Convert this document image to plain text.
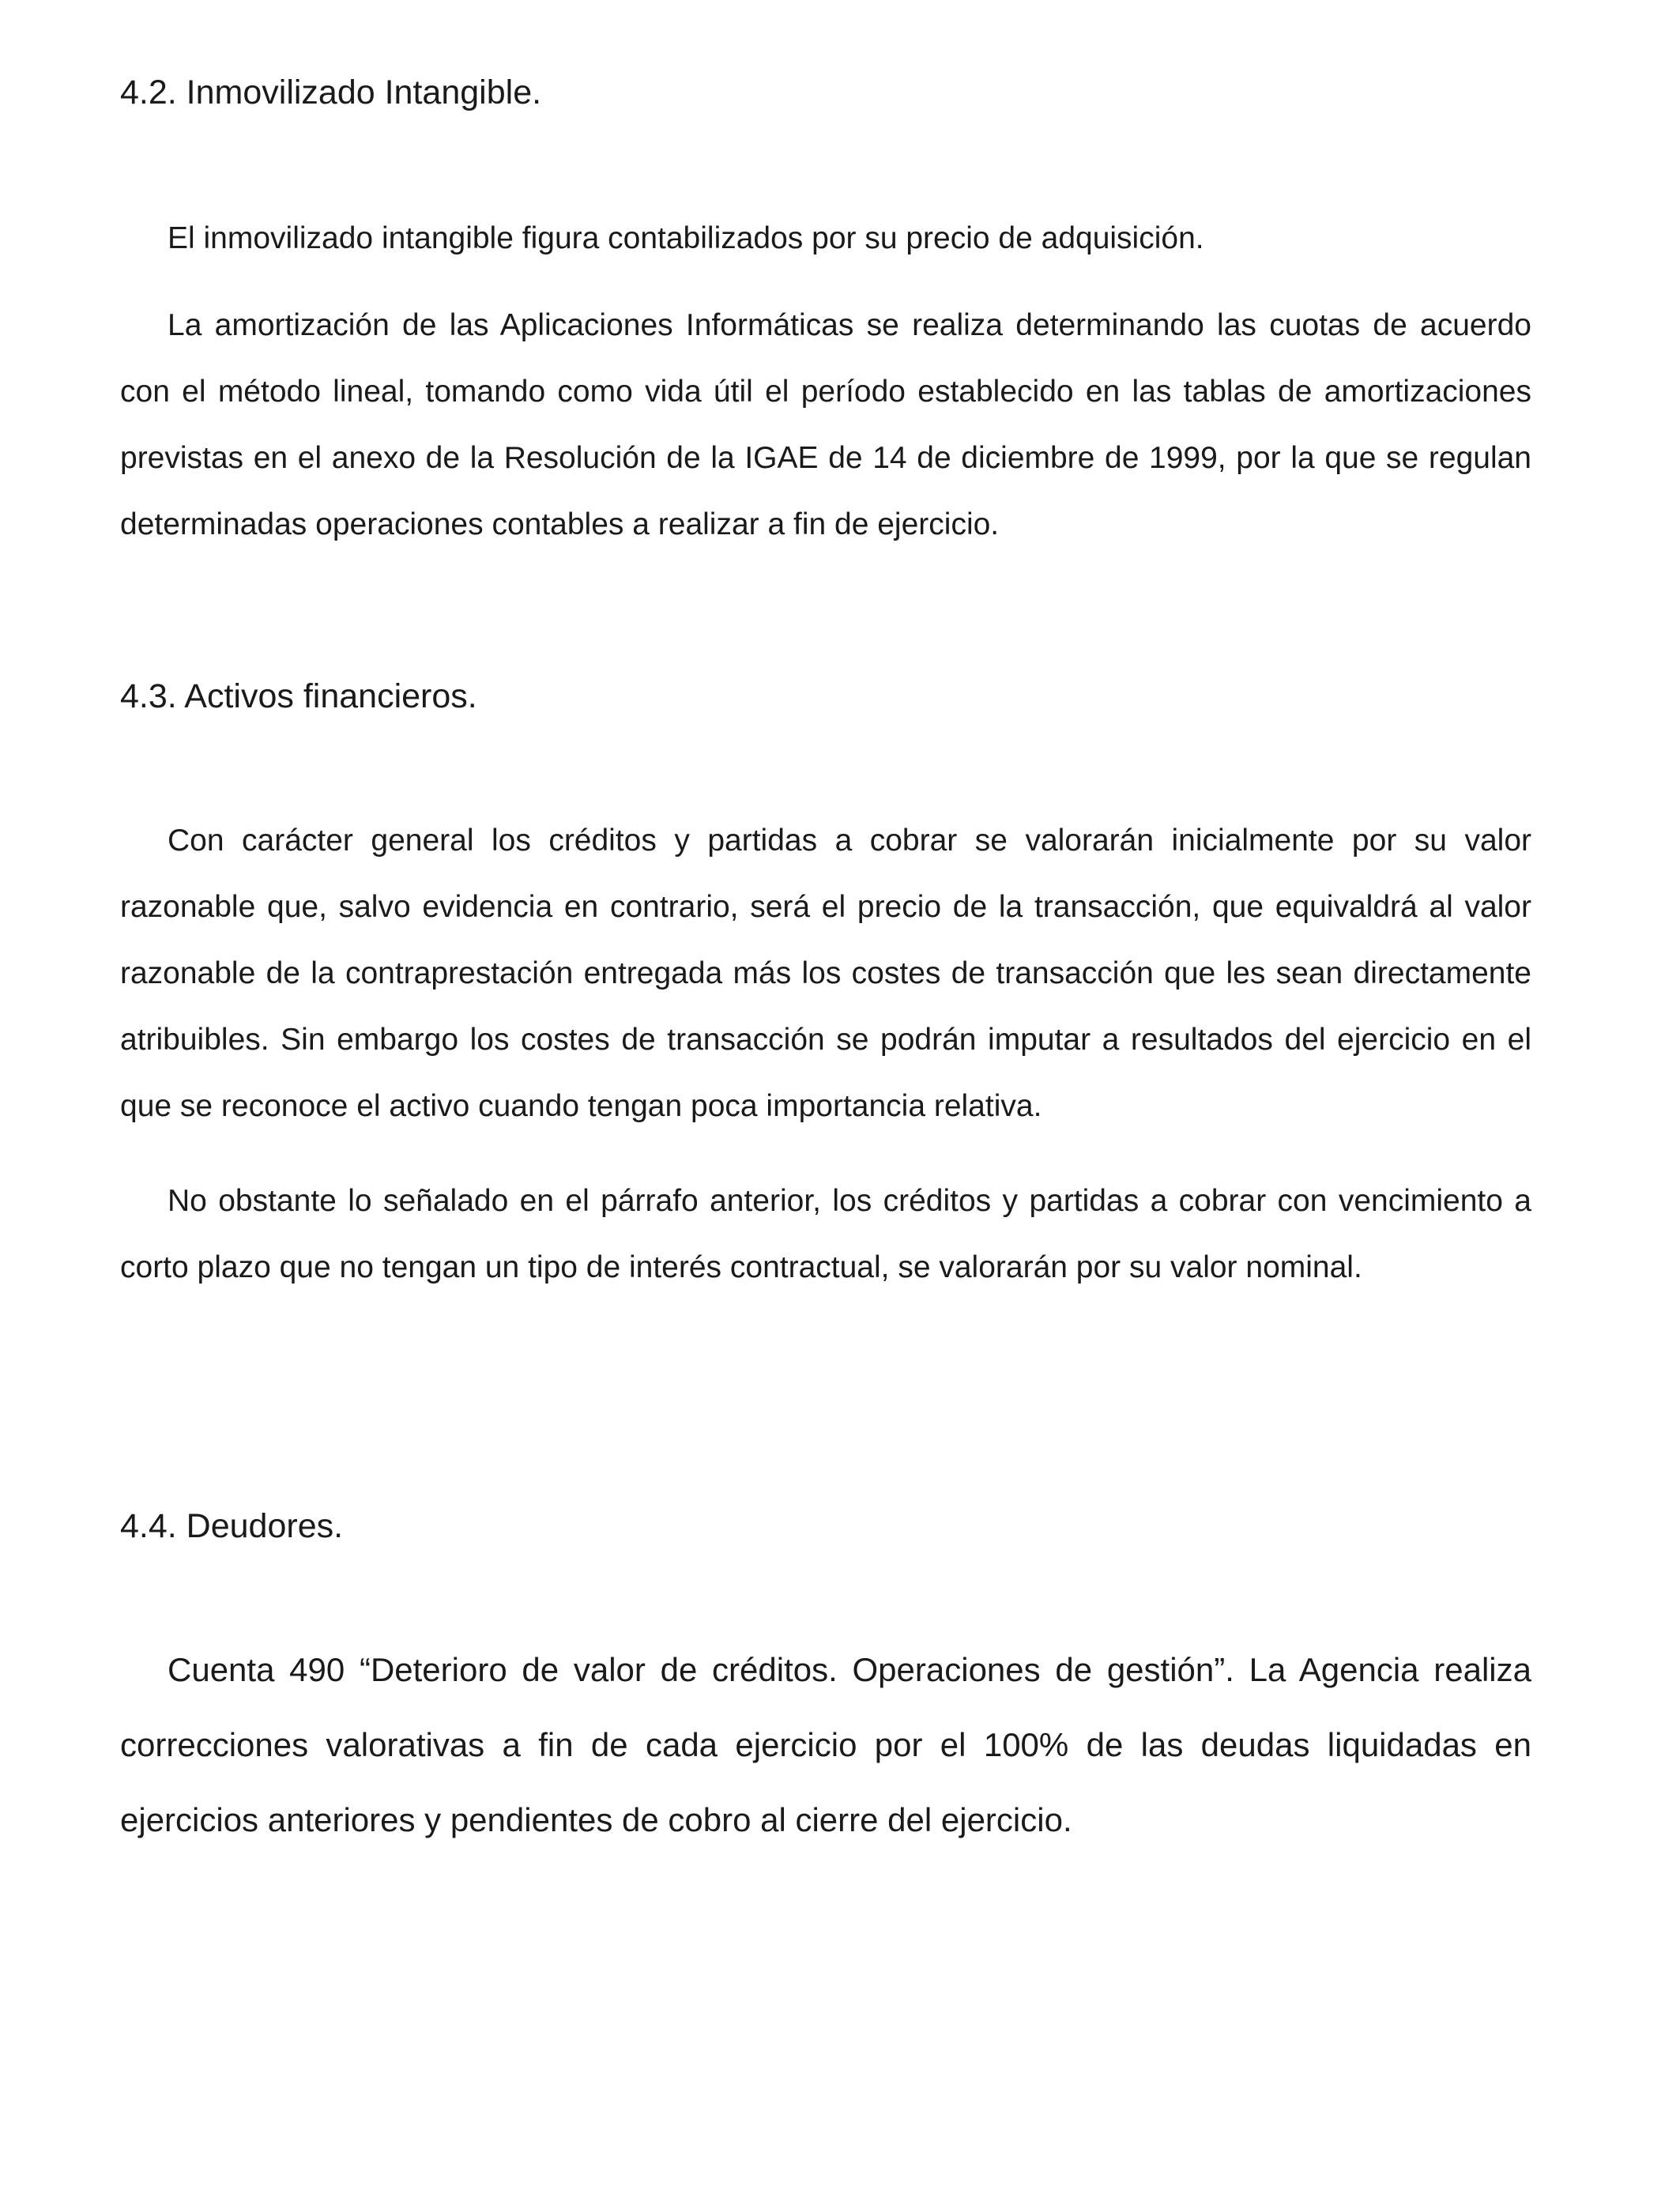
4.2. Inmovilizado Intangible.

El inmovilizado intangible figura contabilizados por su precio de adquisición.

La amortización de las Aplicaciones Informáticas se realiza determinando las cuotas de acuerdo con el método lineal, tomando como vida útil el período establecido en las tablas de amortizaciones previstas en el anexo de la Resolución de la IGAE de 14 de diciembre de 1999, por la que se regulan determinadas operaciones contables a realizar a fin de ejercicio.

4.3. Activos financieros.

Con carácter general los créditos y partidas a cobrar se valorarán inicialmente por su valor razonable que, salvo evidencia en contrario, será el precio de la transacción, que equivaldrá al valor razonable de la contraprestación entregada más los costes de transacción que les sean directamente atribuibles. Sin embargo los costes de transacción se podrán imputar a resultados del ejercicio en el que se reconoce el activo cuando tengan poca importancia relativa.

No obstante lo señalado en el párrafo anterior, los créditos y partidas a cobrar con vencimiento a corto plazo que no tengan un tipo de interés contractual, se valorarán por su valor nominal.

4.4. Deudores.

Cuenta 490 “Deterioro de valor de créditos. Operaciones de gestión”. La Agencia realiza correcciones valorativas a fin de cada ejercicio por el 100% de las deudas liquidadas en ejercicios anteriores y pendientes de cobro al cierre del ejercicio.
